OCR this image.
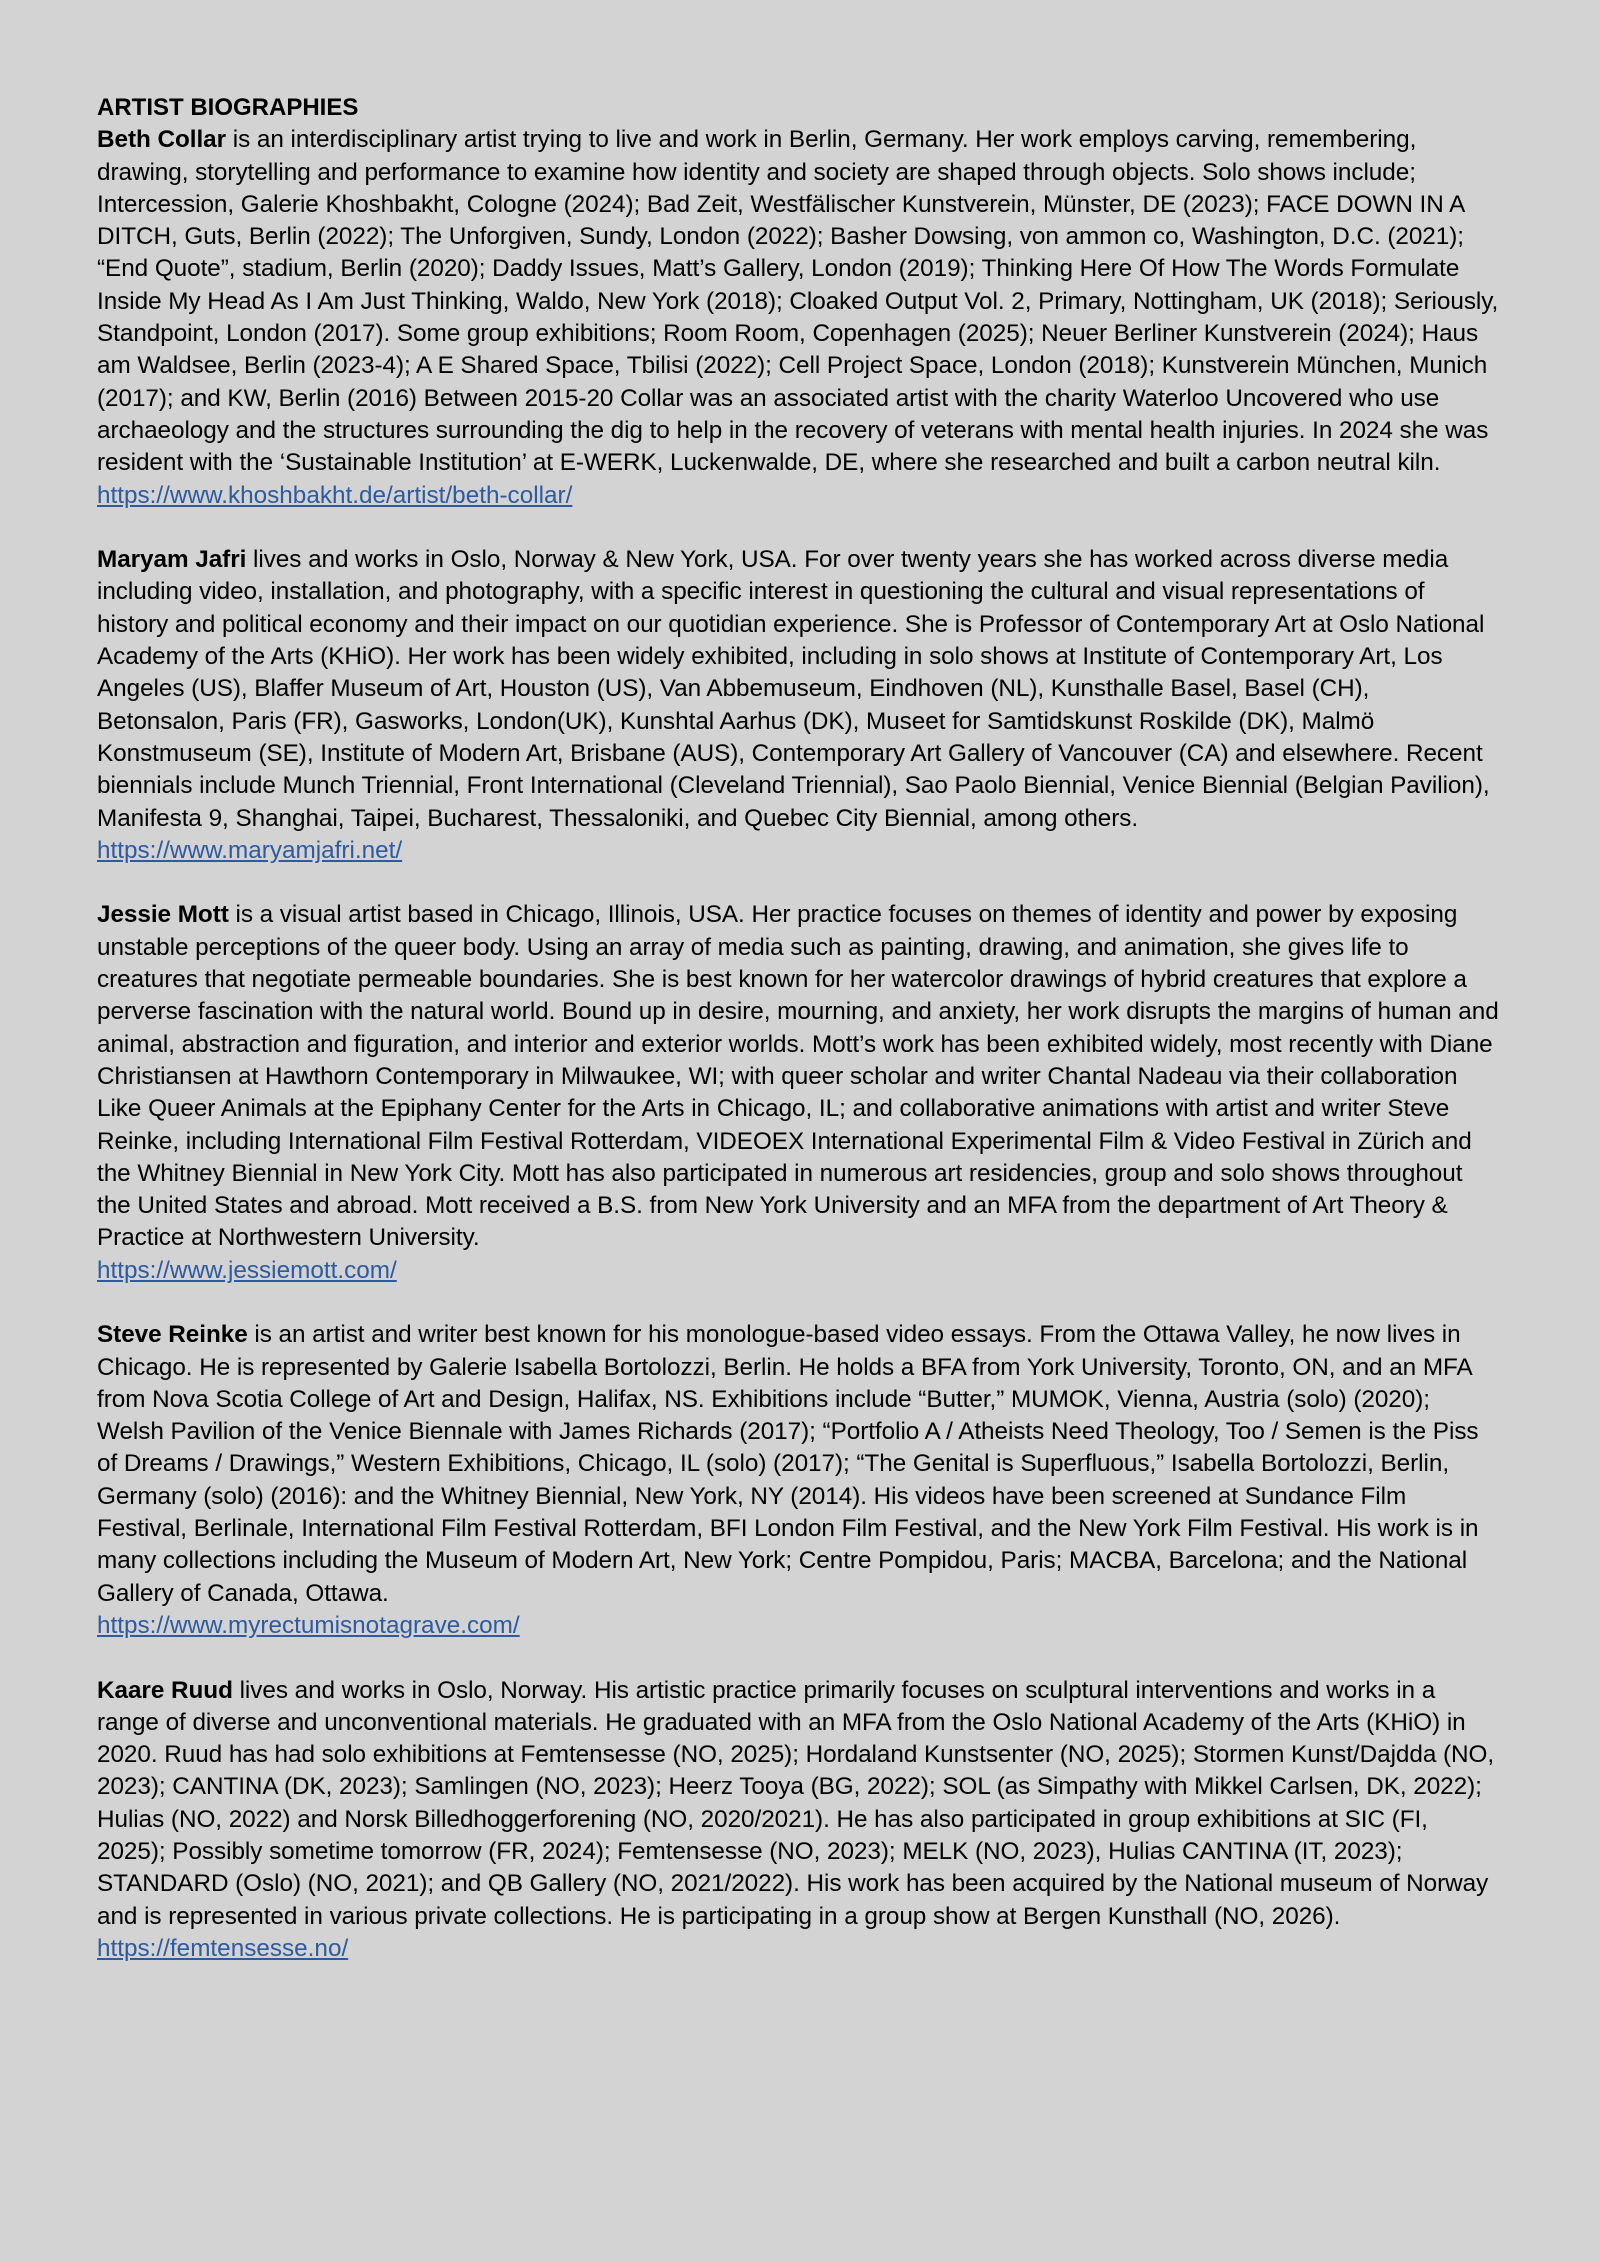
ARTIST BIOGRAPHIES

Beth Collar is an interdisciplinary artist trying to live and work in Berlin, Germany. Her work employs carving, remembering, drawing, storytelling and performance to examine how identity and society are shaped through objects. Solo shows include; Intercession, Galerie Khoshbakht, Cologne (2024); Bad Zeit, Westfälischer Kunstverein, Münster, DE (2023); FACE DOWN IN A DITCH, Guts, Berlin (2022); The Unforgiven, Sundy, London (2022); Basher Dowsing, von ammon co, Washington, D.C. (2021); “End Quote”, stadium, Berlin (2020); Daddy Issues, Matt’s Gallery, London (2019); Thinking Here Of How The Words Formulate Inside My Head As I Am Just Thinking, Waldo, New York (2018); Cloaked Output Vol. 2, Primary, Nottingham, UK (2018); Seriously, Standpoint, London (2017). Some group exhibitions; Room Room, Copenhagen (2025); Neuer Berliner Kunstverein (2024); Haus am Waldsee, Berlin (2023-4); A E Shared Space, Tbilisi (2022); Cell Project Space, London (2018); Kunstverein München, Munich (2017); and KW, Berlin (2016) Between 2015-20 Collar was an associated artist with the charity Waterloo Uncovered who use archaeology and the structures surrounding the dig to help in the recovery of veterans with mental health injuries. In 2024 she was resident with the ‘Sustainable Institution’ at E-WERK, Luckenwalde, DE, where she researched and built a carbon neutral kiln.

https://www.khoshbakht.de/artist/beth-collar/

Maryam Jafri lives and works in Oslo, Norway & New York, USA. For over twenty years she has worked across diverse media including video, installation, and photography, with a specific interest in questioning the cultural and visual representations of history and political economy and their impact on our quotidian experience. She is Professor of Contemporary Art at Oslo National Academy of the Arts (KHiO). Her work has been widely exhibited, including in solo shows at Institute of Contemporary Art, Los Angeles (US), Blaffer Museum of Art, Houston (US), Van Abbemuseum, Eindhoven (NL), Kunsthalle Basel, Basel (CH), Betonsalon, Paris (FR), Gasworks, London(UK), Kunshtal Aarhus (DK), Museet for Samtidskunst Roskilde (DK), Malmö Konstmuseum (SE), Institute of Modern Art, Brisbane (AUS), Contemporary Art Gallery of Vancouver (CA) and elsewhere. Recent biennials include Munch Triennial, Front International (Cleveland Triennial), Sao Paolo Biennial, Venice Biennial (Belgian Pavilion), Manifesta 9, Shanghai, Taipei, Bucharest, Thessaloniki, and Quebec City Biennial, among others.

https://www.maryamjafri.net/

Jessie Mott is a visual artist based in Chicago, Illinois, USA. Her practice focuses on themes of identity and power by exposing unstable perceptions of the queer body. Using an array of media such as painting, drawing, and animation, she gives life to creatures that negotiate permeable boundaries. She is best known for her watercolor drawings of hybrid creatures that explore a perverse fascination with the natural world. Bound up in desire, mourning, and anxiety, her work disrupts the margins of human and animal, abstraction and figuration, and interior and exterior worlds. Mott’s work has been exhibited widely, most recently with Diane Christiansen at Hawthorn Contemporary in Milwaukee, WI; with queer scholar and writer Chantal Nadeau via their collaboration Like Queer Animals at the Epiphany Center for the Arts in Chicago, IL; and collaborative animations with artist and writer Steve Reinke, including International Film Festival Rotterdam, VIDEOEX International Experimental Film & Video Festival in Zürich and the Whitney Biennial in New York City. Mott has also participated in numerous art residencies, group and solo shows throughout the United States and abroad. Mott received a B.S. from New York University and an MFA from the department of Art Theory & Practice at Northwestern University.

https://www.jessiemott.com/

Steve Reinke is an artist and writer best known for his monologue-based video essays. From the Ottawa Valley, he now lives in Chicago. He is represented by Galerie Isabella Bortolozzi, Berlin. He holds a BFA from York University, Toronto, ON, and an MFA from Nova Scotia College of Art and Design, Halifax, NS. Exhibitions include “Butter,” MUMOK, Vienna, Austria (solo) (2020); Welsh Pavilion of the Venice Biennale with James Richards (2017); “Portfolio A / Atheists Need Theology, Too / Semen is the Piss of Dreams / Drawings,” Western Exhibitions, Chicago, IL (solo) (2017); “The Genital is Superfluous,” Isabella Bortolozzi, Berlin, Germany (solo) (2016): and the Whitney Biennial, New York, NY (2014). His videos have been screened at Sundance Film Festival, Berlinale, International Film Festival Rotterdam, BFI London Film Festival, and the New York Film Festival. His work is in many collections including the Museum of Modern Art, New York; Centre Pompidou, Paris; MACBA, Barcelona; and the National Gallery of Canada, Ottawa.

https://www.myrectumisnotagrave.com/

Kaare Ruud lives and works in Oslo, Norway. His artistic practice primarily focuses on sculptural interventions and works in a range of diverse and unconventional materials. He graduated with an MFA from the Oslo National Academy of the Arts (KHiO) in 2020. Ruud has had solo exhibitions at Femtensesse (NO, 2025); Hordaland Kunstsenter (NO, 2025); Stormen Kunst/Dajdda (NO, 2023); CANTINA (DK, 2023); Samlingen (NO, 2023); Heerz Tooya (BG, 2022); SOL (as Simpathy with Mikkel Carlsen, DK, 2022); Hulias (NO, 2022) and Norsk Billedhoggerforening (NO, 2020/2021). He has also participated in group exhibitions at SIC (FI, 2025); Possibly sometime tomorrow (FR, 2024); Femtensesse (NO, 2023); MELK (NO, 2023), Hulias CANTINA (IT, 2023); STANDARD (Oslo) (NO, 2021); and QB Gallery (NO, 2021/2022). His work has been acquired by the National museum of Norway and is represented in various private collections. He is participating in a group show at Bergen Kunsthall (NO, 2026).

https://femtensesse.no/
